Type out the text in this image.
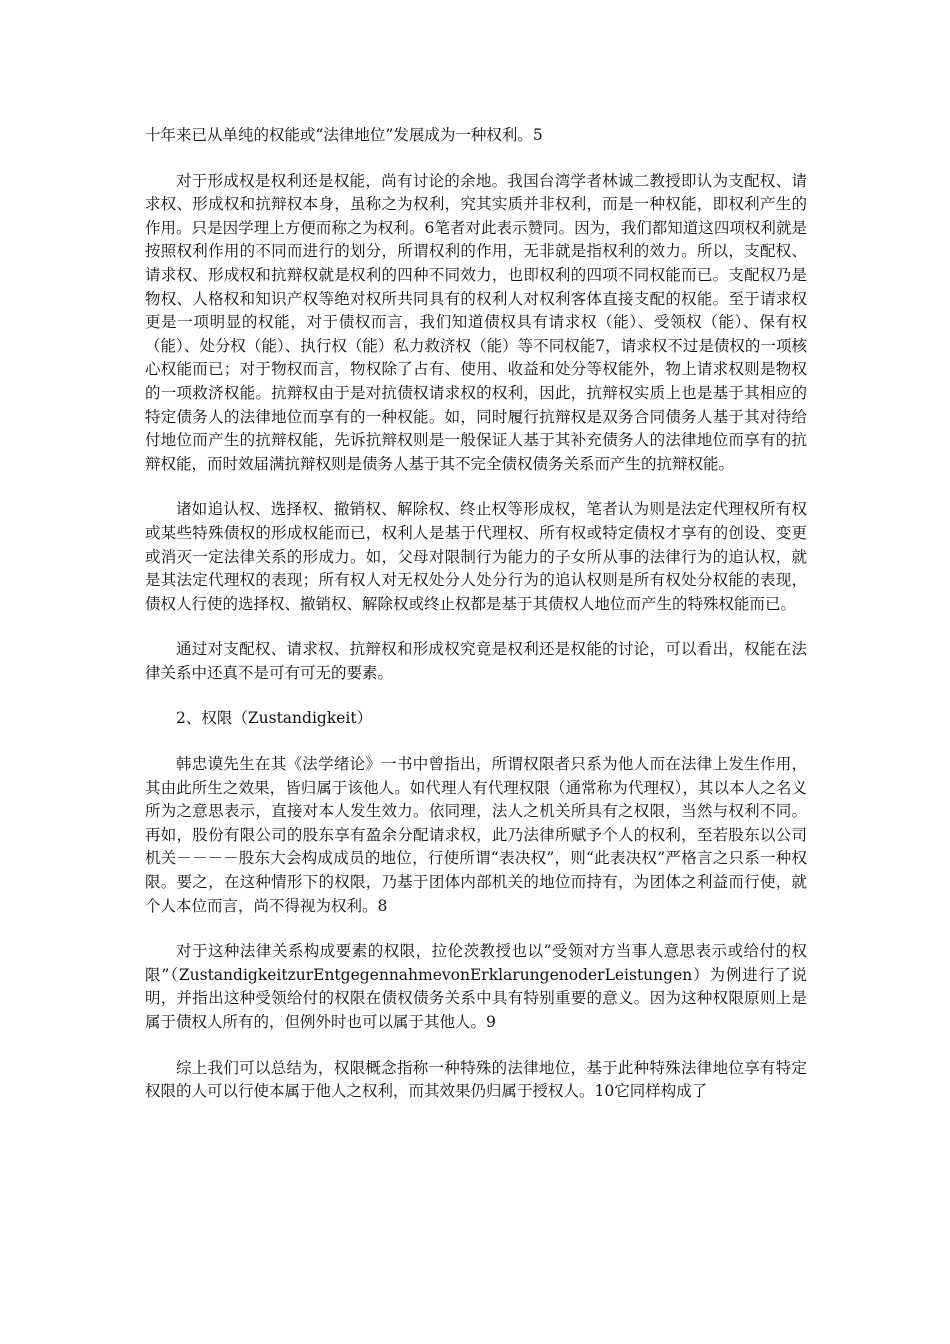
十年来已从单纯的权能或“法律地位”发展成为一种权利。5

对于形成权是权利还是权能，尚有讨论的余地。我国台湾学者林诚二教授即认为支配权、请求权、形成权和抗辩权本身，虽称之为权利，究其实质并非权利，而是一种权能，即权利产生的作用。只是因学理上方便而称之为权利。6笔者对此表示赞同。因为，我们都知道这四项权利就是按照权利作用的不同而进行的划分，所谓权利的作用，无非就是指权利的效力。所以，支配权、请求权、形成权和抗辩权就是权利的四种不同效力，也即权利的四项不同权能而已。支配权乃是物权、人格权和知识产权等绝对权所共同具有的权利人对权利客体直接支配的权能。至于请求权更是一项明显的权能，对于债权而言，我们知道债权具有请求权（能）、受领权（能）、保有权（能）、处分权（能）、执行权（能）私力救济权（能）等不同权能7，请求权不过是债权的一项核心权能而已；对于物权而言，物权除了占有、使用、收益和处分等权能外，物上请求权则是物权的一项救济权能。抗辩权由于是对抗债权请求权的权利，因此，抗辩权实质上也是基于其相应的特定债务人的法律地位而享有的一种权能。如，同时履行抗辩权是双务合同债务人基于其对待给付地位而产生的抗辩权能，先诉抗辩权则是一般保证人基于其补充债务人的法律地位而享有的抗辩权能，而时效届满抗辩权则是债务人基于其不完全债权债务关系而产生的抗辩权能。

诸如追认权、选择权、撤销权、解除权、终止权等形成权，笔者认为则是法定代理权所有权或某些特殊债权的形成权能而已，权利人是基于代理权、所有权或特定债权才享有的创设、变更或消灭一定法律关系的形成力。如，父母对限制行为能力的子女所从事的法律行为的追认权，就是其法定代理权的表现；所有权人对无权处分人处分行为的追认权则是所有权处分权能的表现，债权人行使的选择权、撤销权、解除权或终止权都是基于其债权人地位而产生的特殊权能而已。

通过对支配权、请求权、抗辩权和形成权究竟是权利还是权能的讨论，可以看出，权能在法律关系中还真不是可有可无的要素。

2、权限（Zustandigkeit）

韩忠谟先生在其《法学绪论》一书中曾指出，所谓权限者只系为他人而在法律上发生作用，其由此所生之效果，皆归属于该他人。如代理人有代理权限（通常称为代理权），其以本人之名义所为之意思表示，直接对本人发生效力。依同理，法人之机关所具有之权限，当然与权利不同。再如，股份有限公司的股东享有盈余分配请求权，此乃法律所赋予个人的权利，至若股东以公司机关－－－－股东大会构成成员的地位，行使所谓“表决权”，则“此表决权”严格言之只系一种权限。要之，在这种情形下的权限，乃基于团体内部机关的地位而持有，为团体之利益而行使，就个人本位而言，尚不得视为权利。8

对于这种法律关系构成要素的权限，拉伦茨教授也以“受领对方当事人意思表示或给付的权限”（ZustandigkeitzurEntgegennahmevonErklarungenoderLeistungen）为例进行了说明，并指出这种受领给付的权限在债权债务关系中具有特别重要的意义。因为这种权限原则上是属于债权人所有的，但例外时也可以属于其他人。9

综上我们可以总结为，权限概念指称一种特殊的法律地位，基于此种特殊法律地位享有特定权限的人可以行使本属于他人之权利，而其效果仍归属于授权人。10它同样构成了
